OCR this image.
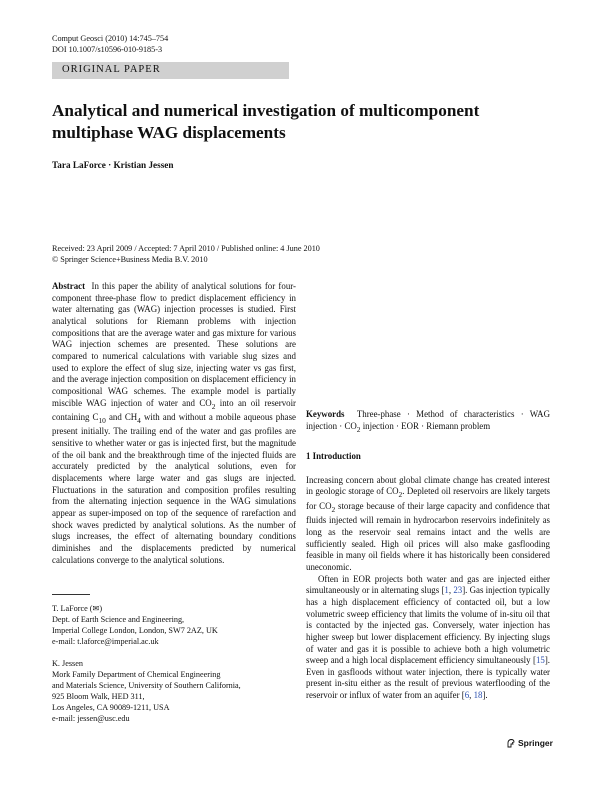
Comput Geosci (2010) 14:745–754
DOI 10.1007/s10596-010-9185-3
ORIGINAL PAPER
Analytical and numerical investigation of multicomponent multiphase WAG displacements
Tara LaForce · Kristian Jessen
Received: 23 April 2009 / Accepted: 7 April 2010 / Published online: 4 June 2010
© Springer Science+Business Media B.V. 2010

Abstract In this paper the ability of analytical solutions for four-component three-phase flow to predict displacement efficiency in water alternating gas (WAG) injection processes is studied. First analytical solutions for Riemann problems with injection compositions that are the average water and gas mixture for various WAG injection schemes are presented. These solutions are compared to numerical calculations with variable slug sizes and used to explore the effect of slug size, injecting water vs gas first, and the average injection composition on displacement efficiency in compositional WAG schemes. The example model is partially miscible WAG injection of water and $CO_2$ into an oil reservoir containing $C_{10}$ and $CH_4$ with and without a mobile aqueous phase present initially. The trailing end of the water and gas profiles are sensitive to whether water or gas is injected first, but the magnitude of the oil bank and the breakthrough time of the injected fluids are accurately predicted by the analytical solutions, even for displacements where large water and gas slugs are injected. Fluctuations in the saturation and composition profiles resulting from the alternating injection sequence in the WAG simulations appear as super-imposed on top of the sequence of rarefaction and shock waves predicted by analytical solutions. As the number of slugs increases, the effect of alternating boundary conditions diminishes and the displacements predicted by numerical calculations converge to the analytical solutions.

Keywords Three-phase · Method of characteristics · WAG injection · $CO_2$ injection · EOR · Riemann problem

1 Introduction

Increasing concern about global climate change has created interest in geologic storage of $CO_2$. Depleted oil reservoirs are likely targets for $CO_2$ storage because of their large capacity and confidence that fluids injected will remain in hydrocarbon reservoirs indefinitely as long as the reservoir seal remains intact and the wells are sufficiently sealed. High oil prices will also make gasflooding feasible in many oil fields where it has historically been considered uneconomic.

Often in EOR projects both water and gas are injected either simultaneously or in alternating slugs [1, 23]. Gas injection typically has a high displacement efficiency of contacted oil, but a low volumetric sweep efficiency that limits the volume of in-situ oil that is contacted by the injected gas. Conversely, water injection has higher sweep but lower displacement efficiency. By injecting slugs of water and gas it is possible to achieve both a high volumetric sweep and a high local displacement efficiency simultaneously [15]. Even in gasfloods without water injection, there is typically water present in-situ either as the result of previous waterflooding of the reservoir or influx of water from an aquifer [6, 18].

T. LaForce (✉)
Dept. of Earth Science and Engineering,
Imperial College London, London, SW7 2AZ, UK
e-mail: t.laforce@imperial.ac.uk
K. Jessen
Mork Family Department of Chemical Engineering
and Materials Science, University of Southern California,
925 Bloom Walk, HED 311,
Los Angeles, CA 90089-1211, USA
e-mail: jessen@usc.edu
Springer
